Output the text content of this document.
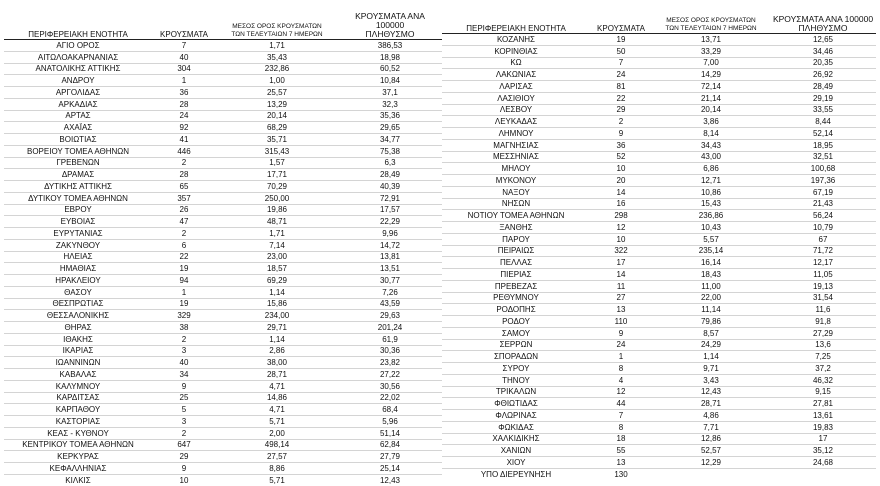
ΠΕΡΙΦΕΡΕΙΑΚΗ ΕΝΟΤΗΤΑ	ΚΡΟΥΣΜΑΤΑ	ΜΕΣΟΣ ΟΡΟΣ ΚΡΟΥΣΜΑΤΩΝ
ΤΩΝ ΤΕΛΕΥΤΑΙΩΝ 7 ΗΜΕΡΩΝ	ΚΡΟΥΣΜΑΤΑ ΑΝΑ 100000
ΠΛΗΘΥΣΜΟ
ΑΓΙΟ ΟΡΟΣ	7	1,71	386,53
ΑΙΤΩΛΟΑΚΑΡΝΑΝΙΑΣ	40	35,43	18,98
ΑΝΑΤΟΛΙΚΗΣ ΑΤΤΙΚΗΣ	304	232,86	60,52
ΑΝΔΡΟΥ	1	1,00	10,84
ΑΡΓΟΛΙΔΑΣ	36	25,57	37,1
ΑΡΚΑΔΙΑΣ	28	13,29	32,3
ΑΡΤΑΣ	24	20,14	35,36
ΑΧΑΪΑΣ	92	68,29	29,65
ΒΟΙΩΤΙΑΣ	41	35,71	34,77
ΒΟΡΕΙΟΥ ΤΟΜΕΑ ΑΘΗΝΩΝ	446	315,43	75,38
ΓΡΕΒΕΝΩΝ	2	1,57	6,3
ΔΡΑΜΑΣ	28	17,71	28,49
ΔΥΤΙΚΗΣ ΑΤΤΙΚΗΣ	65	70,29	40,39
ΔΥΤΙΚΟΥ ΤΟΜΕΑ ΑΘΗΝΩΝ	357	250,00	72,91
ΕΒΡΟΥ	26	19,86	17,57
ΕΥΒΟΙΑΣ	47	48,71	22,29
ΕΥΡΥΤΑΝΙΑΣ	2	1,71	9,96
ΖΑΚΥΝΘΟΥ	6	7,14	14,72
ΗΛΕΙΑΣ	22	23,00	13,81
ΗΜΑΘΙΑΣ	19	18,57	13,51
ΗΡΑΚΛΕΙΟΥ	94	69,29	30,77
ΘΑΣΟΥ	1	1,14	7,26
ΘΕΣΠΡΩΤΙΑΣ	19	15,86	43,59
ΘΕΣΣΑΛΟΝΙΚΗΣ	329	234,00	29,63
ΘΗΡΑΣ	38	29,71	201,24
ΙΘΑΚΗΣ	2	1,14	61,9
ΙΚΑΡΙΑΣ	3	2,86	30,36
ΙΩΑΝΝΙΝΩΝ	40	38,00	23,82
ΚΑΒΑΛΑΣ	34	28,71	27,22
ΚΑΛΥΜΝΟΥ	9	4,71	30,56
ΚΑΡΔΙΤΣΑΣ	25	14,86	22,02
ΚΑΡΠΑΘΟΥ	5	4,71	68,4
ΚΑΣΤΟΡΙΑΣ	3	5,71	5,96
ΚΕΑΣ - ΚΥΘΝΟΥ	2	2,00	51,14
ΚΕΝΤΡΙΚΟΥ ΤΟΜΕΑ ΑΘΗΝΩΝ	647	498,14	62,84
ΚΕΡΚΥΡΑΣ	29	27,57	27,79
ΚΕΦΑΛΛΗΝΙΑΣ	9	8,86	25,14
ΚΙΛΚΙΣ	10	5,71	12,43
ΠΕΡΙΦΕΡΕΙΑΚΗ ΕΝΟΤΗΤΑ	ΚΡΟΥΣΜΑΤΑ	ΜΕΣΟΣ ΟΡΟΣ ΚΡΟΥΣΜΑΤΩΝ
ΤΩΝ ΤΕΛΕΥΤΑΙΩΝ 7 ΗΜΕΡΩΝ	ΚΡΟΥΣΜΑΤΑ ΑΝΑ 100000
ΠΛΗΘΥΣΜΟ
ΚΟΖΑΝΗΣ	19	13,71	12,65
ΚΟΡΙΝΘΙΑΣ	50	33,29	34,46
ΚΩ	7	7,00	20,35
ΛΑΚΩΝΙΑΣ	24	14,29	26,92
ΛΑΡΙΣΑΣ	81	72,14	28,49
ΛΑΣΙΘΙΟΥ	22	21,14	29,19
ΛΕΣΒΟΥ	29	20,14	33,55
ΛΕΥΚΑΔΑΣ	2	3,86	8,44
ΛΗΜΝΟΥ	9	8,14	52,14
ΜΑΓΝΗΣΙΑΣ	36	34,43	18,95
ΜΕΣΣΗΝΙΑΣ	52	43,00	32,51
ΜΗΛΟΥ	10	6,86	100,68
ΜΥΚΟΝΟΥ	20	12,71	197,36
ΝΑΞΟΥ	14	10,86	67,19
ΝΗΣΩΝ	16	15,43	21,43
ΝΟΤΙΟΥ ΤΟΜΕΑ ΑΘΗΝΩΝ	298	236,86	56,24
ΞΑΝΘΗΣ	12	10,43	10,79
ΠΑΡΟΥ	10	5,57	67
ΠΕΙΡΑΙΩΣ	322	235,14	71,72
ΠΕΛΛΑΣ	17	16,14	12,17
ΠΙΕΡΙΑΣ	14	18,43	11,05
ΠΡΕΒΕΖΑΣ	11	11,00	19,13
ΡΕΘΥΜΝΟΥ	27	22,00	31,54
ΡΟΔΟΠΗΣ	13	11,14	11,6
ΡΟΔΟΥ	110	79,86	91,8
ΣΑΜΟΥ	9	8,57	27,29
ΣΕΡΡΩΝ	24	24,29	13,6
ΣΠΟΡΑΔΩΝ	1	1,14	7,25
ΣΥΡΟΥ	8	9,71	37,2
ΤΗΝΟΥ	4	3,43	46,32
ΤΡΙΚΑΛΩΝ	12	12,43	9,15
ΦΘΙΩΤΙΔΑΣ	44	28,71	27,81
ΦΛΩΡΙΝΑΣ	7	4,86	13,61
ΦΩΚΙΔΑΣ	8	7,71	19,83
ΧΑΛΚΙΔΙΚΗΣ	18	12,86	17
ΧΑΝΙΩΝ	55	52,57	35,12
ΧΙΟΥ	13	12,29	24,68
ΥΠΟ ΔΙΕΡΕΥΝΗΣΗ	130		
